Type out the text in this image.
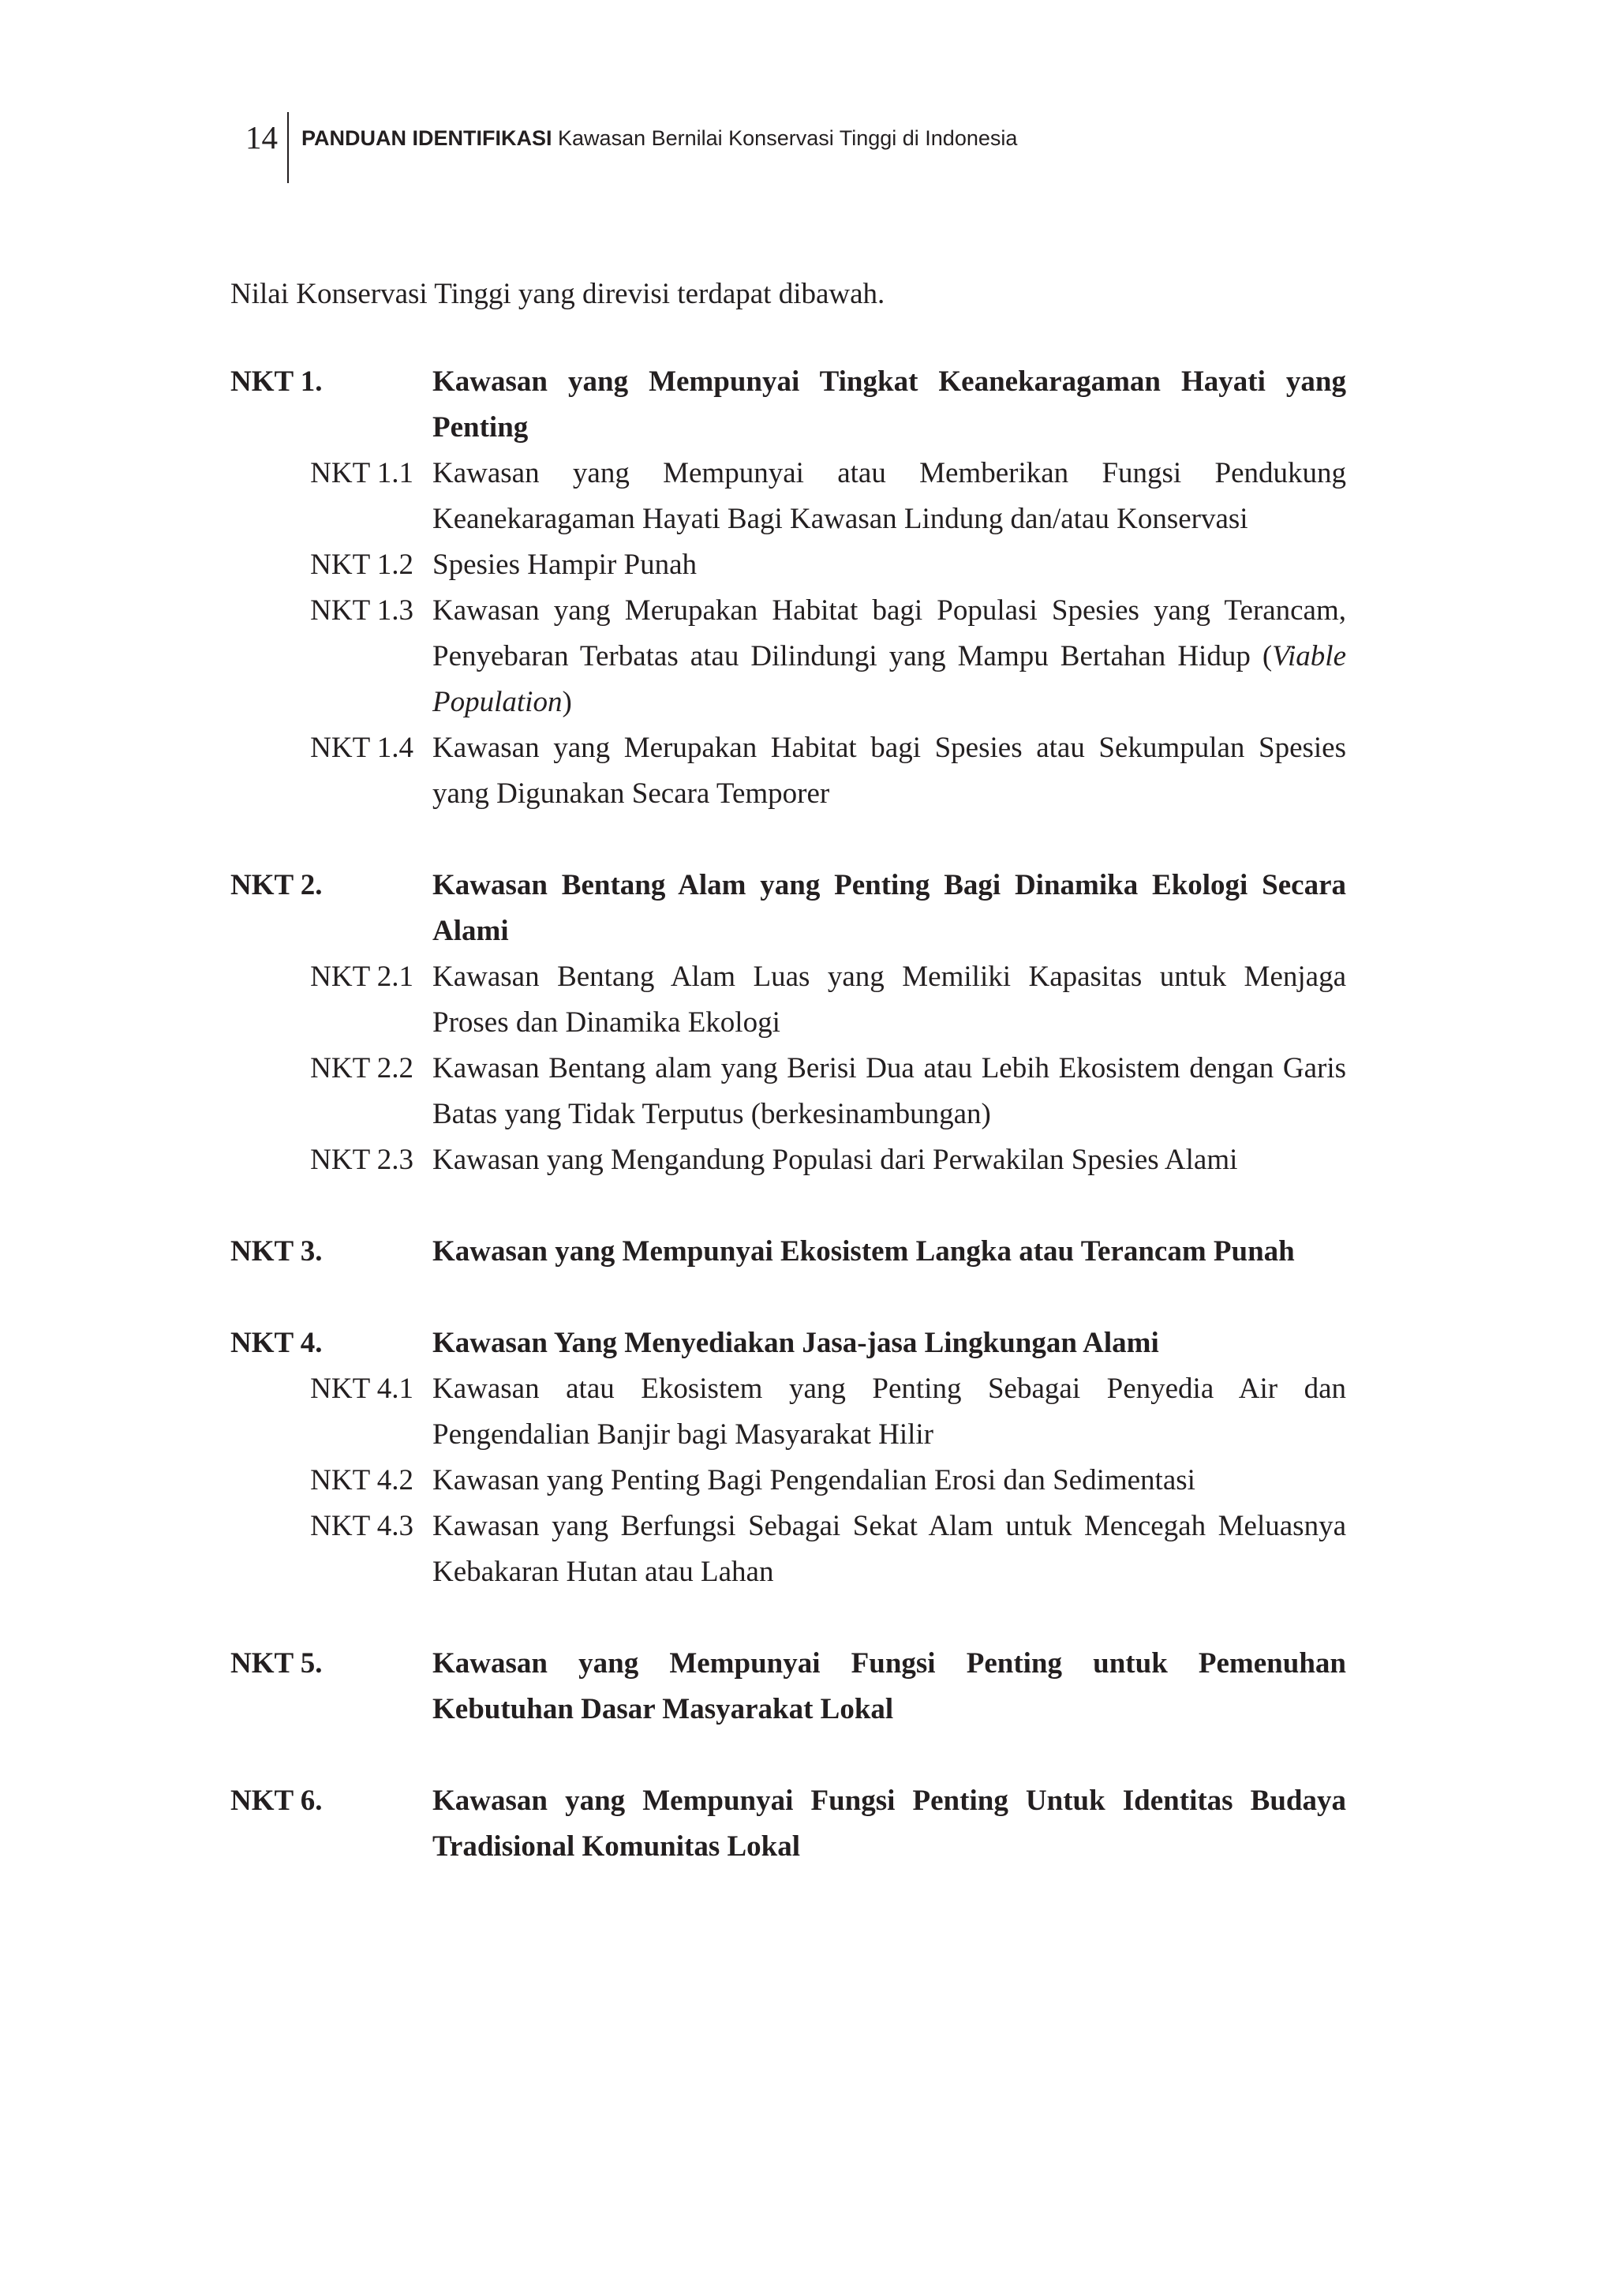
14 PANDUAN IDENTIFIKASI Kawasan Bernilai Konservasi Tinggi di Indonesia
Nilai Konservasi Tinggi yang direvisi terdapat dibawah.
NKT 1.	Kawasan yang Mempunyai Tingkat Keanekaragaman Hayati yang Penting
NKT 1.1 Kawasan yang Mempunyai atau Memberikan Fungsi Pendukung Keanekaragaman Hayati Bagi Kawasan Lindung dan/atau Konservasi
NKT 1.2 Spesies Hampir Punah
NKT 1.3 Kawasan yang Merupakan Habitat bagi Populasi Spesies yang Terancam, Penyebaran Terbatas atau Dilindungi yang Mampu Bertahan Hidup (Viable Population)
NKT 1.4 Kawasan yang Merupakan Habitat bagi Spesies atau Sekumpulan Spesies yang Digunakan Secara Temporer
NKT 2.	Kawasan Bentang Alam yang Penting Bagi Dinamika Ekologi Secara Alami
NKT 2.1 Kawasan Bentang Alam Luas yang Memiliki Kapasitas untuk Menjaga Proses dan Dinamika Ekologi
NKT 2.2 Kawasan Bentang alam yang Berisi Dua atau Lebih Ekosistem dengan Garis Batas yang Tidak Terputus (berkesinambungan)
NKT 2.3 Kawasan yang Mengandung Populasi dari Perwakilan Spesies Alami
NKT 3.	Kawasan yang Mempunyai Ekosistem Langka atau Terancam Punah
NKT 4.	Kawasan Yang Menyediakan Jasa-jasa Lingkungan Alami
NKT 4.1 Kawasan atau Ekosistem yang Penting Sebagai Penyedia Air dan Pengendalian Banjir bagi Masyarakat Hilir
NKT 4.2 Kawasan yang Penting Bagi Pengendalian Erosi dan Sedimentasi
NKT 4.3 Kawasan yang Berfungsi Sebagai Sekat Alam untuk Mencegah Meluasnya Kebakaran Hutan atau Lahan
NKT 5.	Kawasan yang Mempunyai Fungsi Penting untuk Pemenuhan Kebutuhan Dasar Masyarakat Lokal
NKT 6.	Kawasan yang Mempunyai Fungsi Penting Untuk Identitas Budaya Tradisional Komunitas Lokal
